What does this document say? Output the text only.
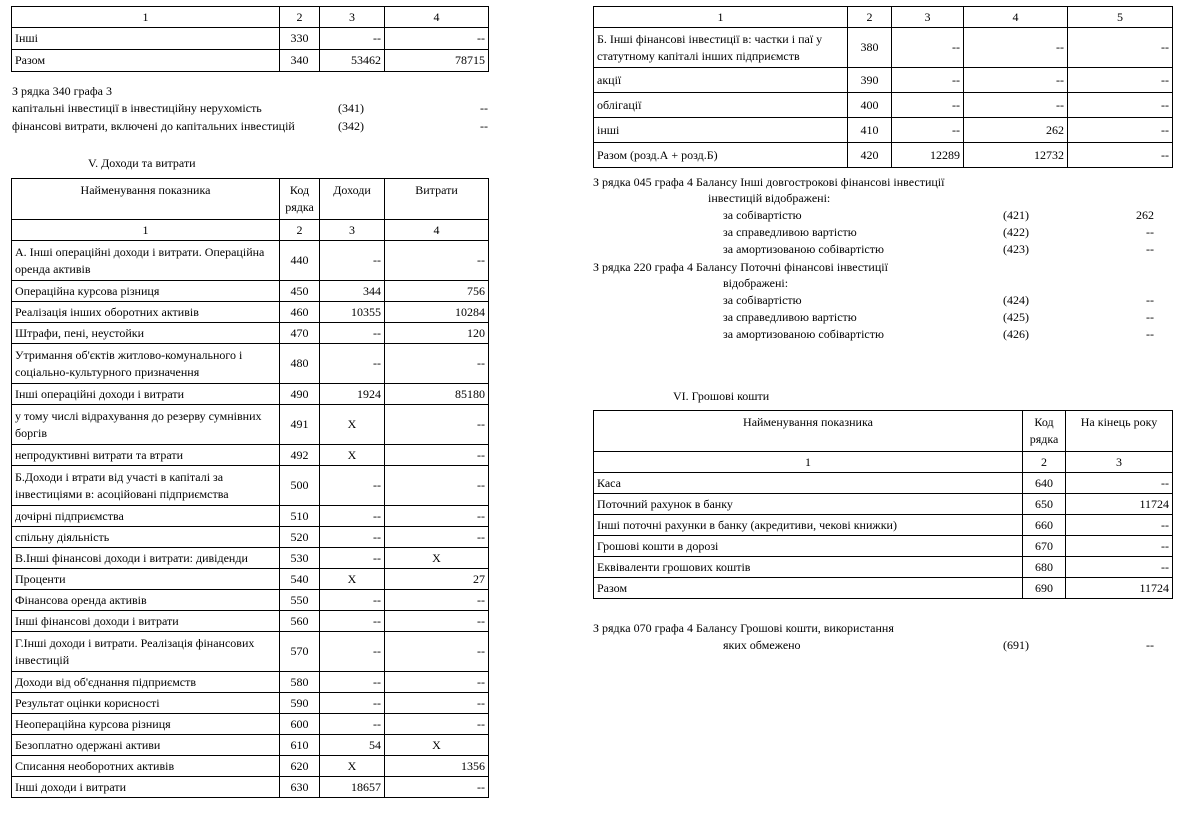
1	2	3	4
Інші	330	--	--
Разом	340	53462	78715
З рядка 340 графа 3
капітальні інвестиції в інвестиційну нерухомість	(341)	--
фінансові витрати, включені до капітальних інвестицій	(342)	--
V. Доходи та витрати
Найменування показника	Код рядка	Доходи	Витрати
1	2	3	4
А. Інші операційні доходи і витрати. Операційна оренда активів	440	--	--
Операційна курсова різниця	450	344	756
Реалізація інших оборотних активів	460	10355	10284
Штрафи, пені, неустойки	470	--	120
Утримання об'єктів житлово-комунального і соціально-культурного призначення	480	--	--
Інші операційні доходи і витрати	490	1924	85180
у тому числі відрахування до резерву сумнівних боргів	491	X	--
непродуктивні витрати та втрати	492	X	--
Б.Доходи і втрати від участі в капіталі за інвестиціями в: асоційовані підприємства	500	--	--
дочірні підприємства	510	--	--
спільну діяльність	520	--	--
В.Інші фінансові доходи і витрати: дивіденди	530	--	X
Проценти	540	X	27
Фінансова оренда активів	550	--	--
Інші фінансові доходи і витрати	560	--	--
Г.Інші доходи і витрати. Реалізація фінансових інвестицій	570	--	--
Доходи від об'єднання підприємств	580	--	--
Результат оцінки корисності	590	--	--
Неопераційна курсова різниця	600	--	--
Безоплатно одержані активи	610	54	X
Списання необоротних активів	620	X	1356
Інші доходи і витрати	630	18657	--
1	2	3	4	5
Б. Інші фінансові інвестиції в: частки і паї у статутному капіталі інших підприємств	380	--	--	--
акції	390	--	--	--
облігації	400	--	--	--
інші	410	--	262	--
Разом (розд.А + розд.Б)	420	12289	12732	--
З рядка 045 графа 4 Балансу Інші довгострокові фінансові інвестиції
інвестицій відображені:
за собівартістю	(421)	262
за справедливою вартістю	(422)	--
за амортизованою собівартістю	(423)	--
З рядка 220 графа 4 Балансу Поточні фінансові інвестиції
відображені:
за собівартістю	(424)	--
за справедливою вартістю	(425)	--
за амортизованою собівартістю	(426)	--
VI. Грошові кошти
Найменування показника	Код рядка	На кінець року
1	2	3
Каса	640	--
Поточний рахунок в банку	650	11724
Інші поточні рахунки в банку (акредитиви, чекові книжки)	660	--
Грошові кошти в дорозі	670	--
Еквіваленти грошових коштів	680	--
Разом	690	11724
З рядка 070 графа 4 Балансу Грошові кошти, використання
яких обмежено	(691)	--
